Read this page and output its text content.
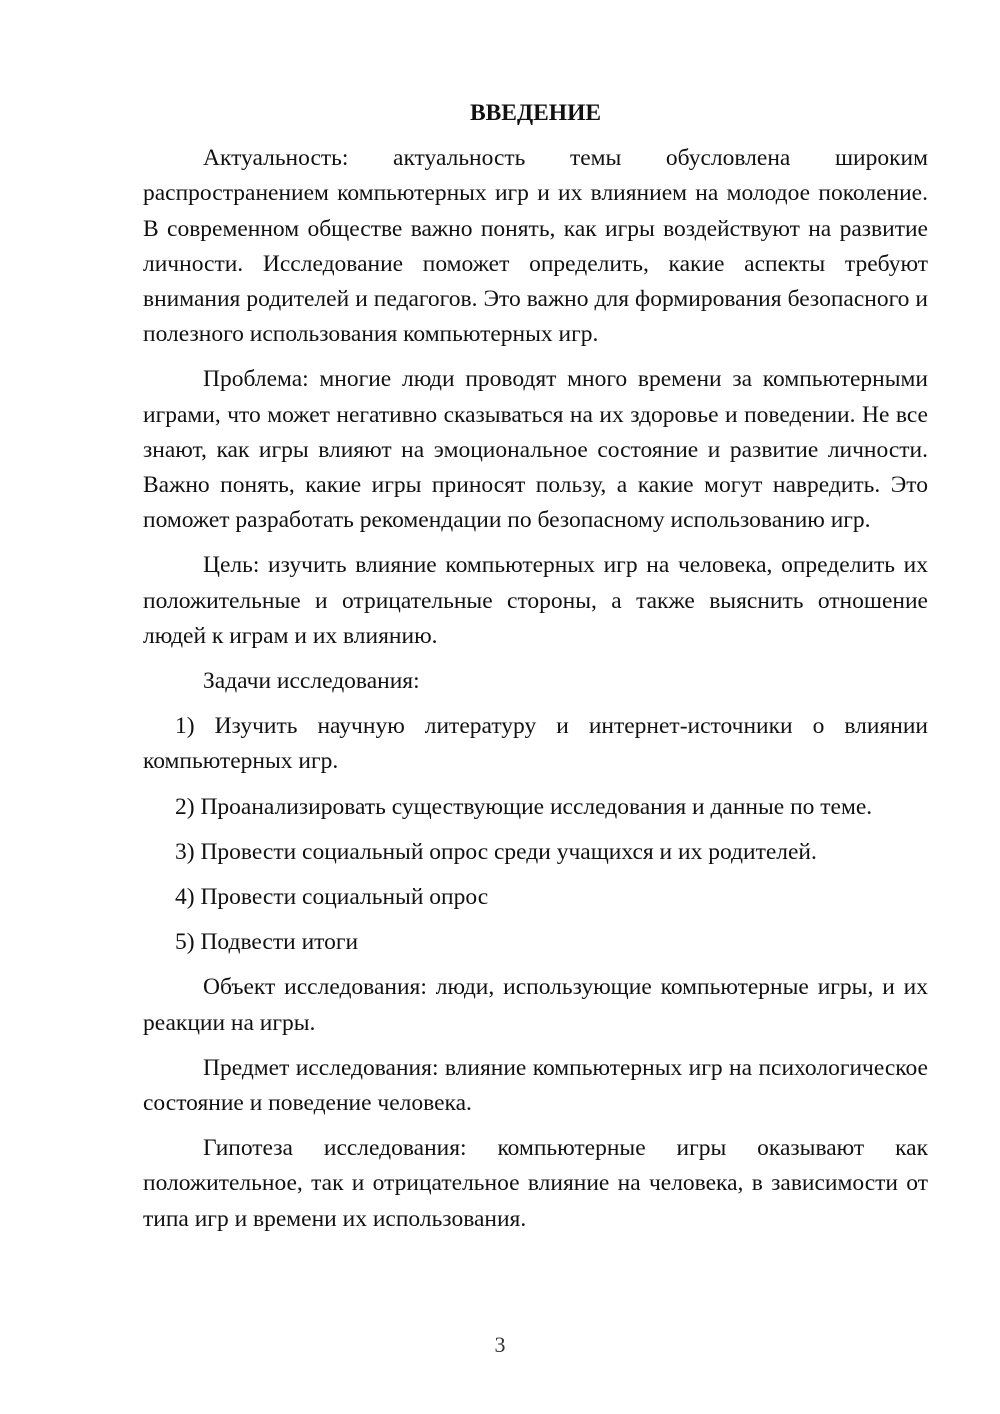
ВВЕДЕНИЕ

Актуальность: актуальность темы обусловлена широким распространением компьютерных игр и их влиянием на молодое поколение. В современном обществе важно понять, как игры воздействуют на развитие личности. Исследование поможет определить, какие аспекты требуют внимания родителей и педагогов. Это важно для формирования безопасного и полезного использования компьютерных игр.

Проблема: многие люди проводят много времени за компьютерными играми, что может негативно сказываться на их здоровье и поведении. Не все знают, как игры влияют на эмоциональное состояние и развитие личности. Важно понять, какие игры приносят пользу, а какие могут навредить. Это поможет разработать рекомендации по безопасному использованию игр.

Цель: изучить влияние компьютерных игр на человека, определить их положительные и отрицательные стороны, а также выяснить отношение людей к играм и их влиянию.

Задачи исследования:

1) Изучить научную литературу и интернет-источники о влиянии компьютерных игр.

2) Проанализировать существующие исследования и данные по теме.

3) Провести социальный опрос среди учащихся и их родителей.

4) Провести социальный опрос

5) Подвести итоги

Объект исследования: люди, использующие компьютерные игры, и их реакции на игры.

Предмет исследования: влияние компьютерных игр на психологическое состояние и поведение человека.

Гипотеза исследования: компьютерные игры оказывают как положительное, так и отрицательное влияние на человека, в зависимости от типа игр и времени их использования.

3
